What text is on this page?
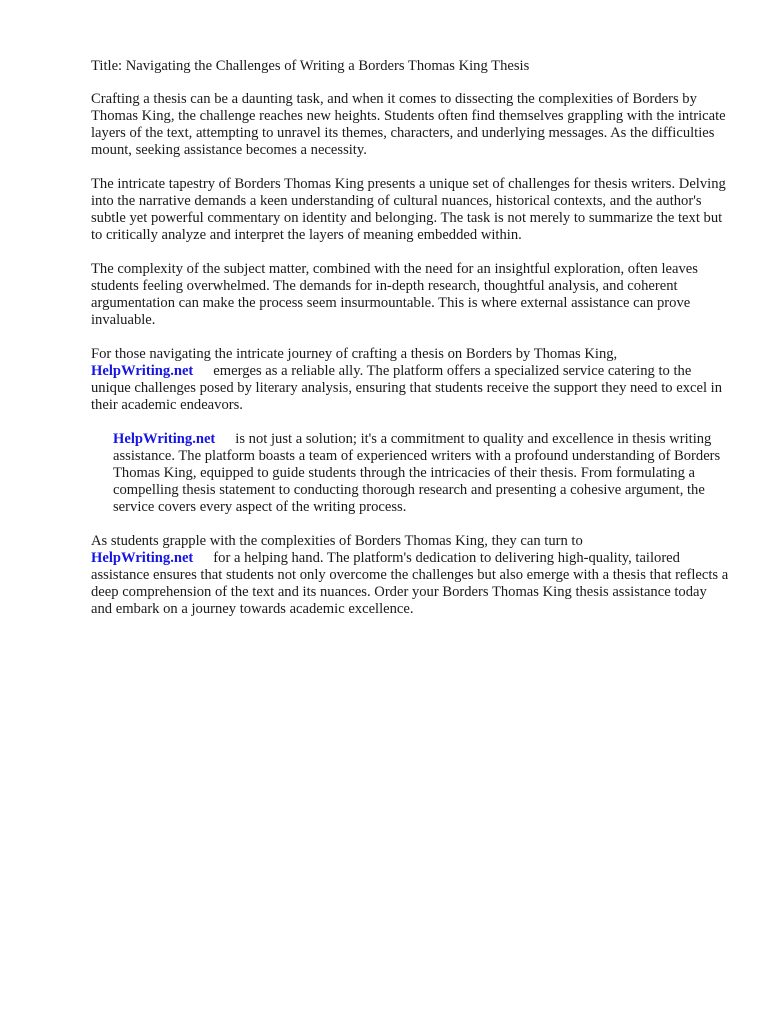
Title: Navigating the Challenges of Writing a Borders Thomas King Thesis

Crafting a thesis can be a daunting task, and when it comes to dissecting the complexities of Borders by Thomas King, the challenge reaches new heights. Students often find themselves grappling with the intricate layers of the text, attempting to unravel its themes, characters, and underlying messages. As the difficulties mount, seeking assistance becomes a necessity.

The intricate tapestry of Borders Thomas King presents a unique set of challenges for thesis writers. Delving into the narrative demands a keen understanding of cultural nuances, historical contexts, and the author's subtle yet powerful commentary on identity and belonging. The task is not merely to summarize the text but to critically analyze and interpret the layers of meaning embedded within.

The complexity of the subject matter, combined with the need for an insightful exploration, often leaves students feeling overwhelmed. The demands for in-depth research, thoughtful analysis, and coherent argumentation can make the process seem insurmountable. This is where external assistance can prove invaluable.

For those navigating the intricate journey of crafting a thesis on Borders by Thomas King,
HelpWriting.net emerges as a reliable ally. The platform offers a specialized service catering to the unique challenges posed by literary analysis, ensuring that students receive the support they need to excel in their academic endeavors.

HelpWriting.net is not just a solution; it's a commitment to quality and excellence in thesis writing assistance. The platform boasts a team of experienced writers with a profound understanding of Borders Thomas King, equipped to guide students through the intricacies of their thesis. From formulating a compelling thesis statement to conducting thorough research and presenting a cohesive argument, the service covers every aspect of the writing process.

As students grapple with the complexities of Borders Thomas King, they can turn to
HelpWriting.net for a helping hand. The platform's dedication to delivering high-quality, tailored assistance ensures that students not only overcome the challenges but also emerge with a thesis that reflects a deep comprehension of the text and its nuances. Order your Borders Thomas King thesis assistance today and embark on a journey towards academic excellence.
